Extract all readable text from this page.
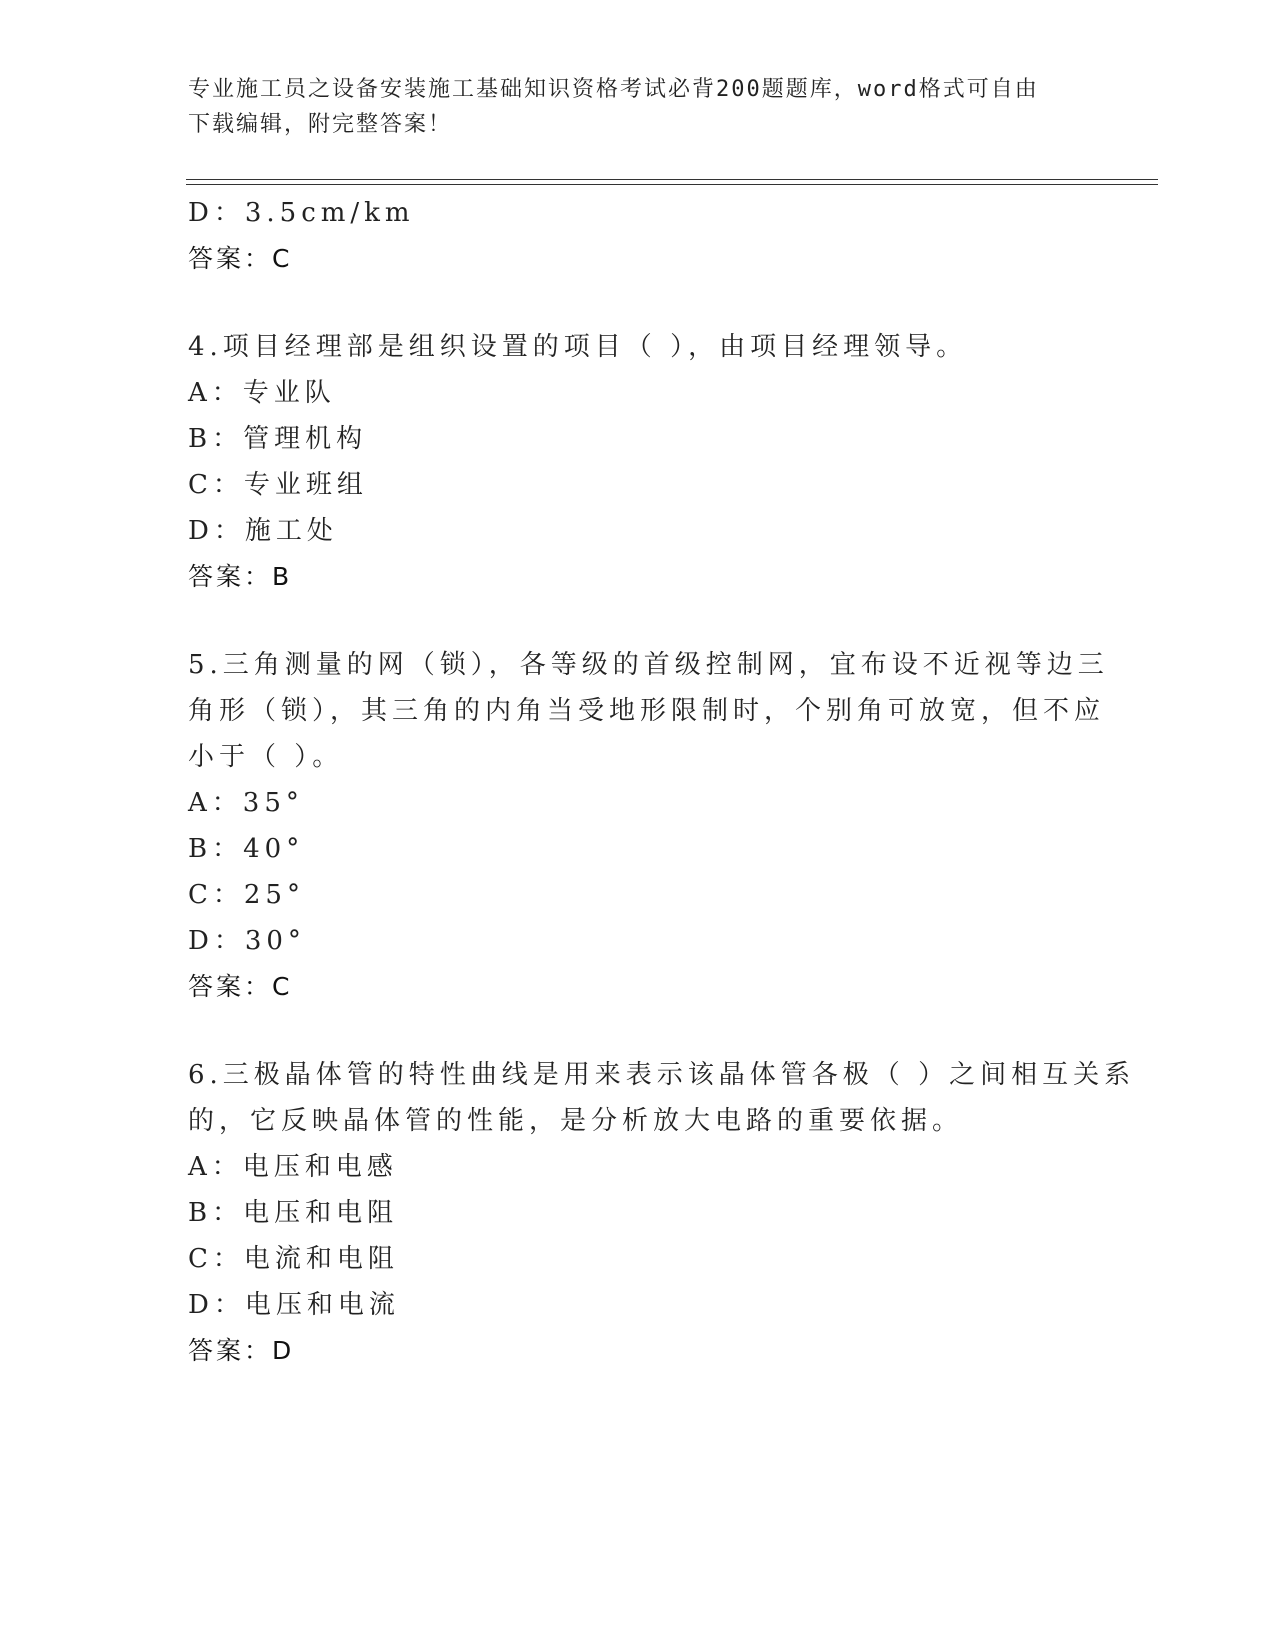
专业施工员之设备安装施工基础知识资格考试必背200题题库，word格式可自由
下载编辑，附完整答案！
D：3.5cm/km
答案：C
4.项目经理部是组织设置的项目（ ），由项目经理领导。
A：专业队
B：管理机构
C：专业班组
D：施工处
答案：B
5.三角测量的网（锁），各等级的首级控制网，宜布设不近视等边三
角形（锁），其三角的内角当受地形限制时，个别角可放宽，但不应
小于（ ）。
A：35°
B：40°
C：25°
D：30°
答案：C
6.三极晶体管的特性曲线是用来表示该晶体管各极（ ）之间相互关系
的，它反映晶体管的性能，是分析放大电路的重要依据。
A：电压和电感
B：电压和电阻
C：电流和电阻
D：电压和电流
答案：D
